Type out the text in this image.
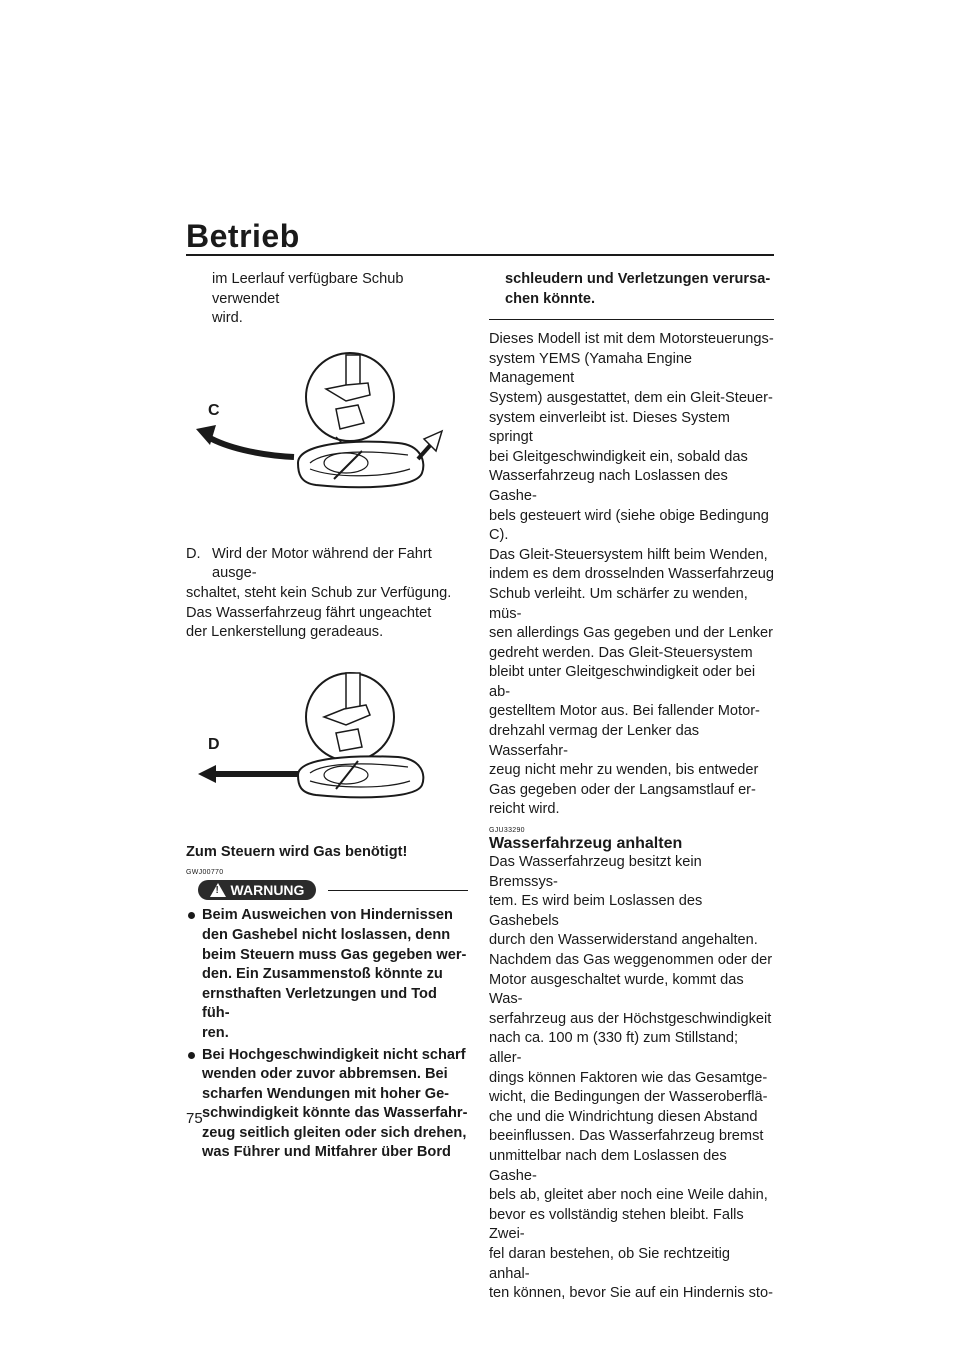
Betrieb

im Leerlauf verfügbare Schub verwendet

wird.

C

D. Wird der Motor während der Fahrt ausge-

schaltet, steht kein Schub zur Verfügung.

Das Wasserfahrzeug fährt ungeachtet

der Lenkerstellung geradeaus.

D

Zum Steuern wird Gas benötigt!

GWJ00770

! WARNUNG

Beim Ausweichen von Hindernissen

den Gashebel nicht loslassen, denn

beim Steuern muss Gas gegeben wer-

den. Ein Zusammenstoß könnte zu

ernsthaften Verletzungen und Tod füh-

ren.

Bei Hochgeschwindigkeit nicht scharf

wenden oder zuvor abbremsen. Bei

scharfen Wendungen mit hoher Ge-

schwindigkeit könnte das Wasserfahr-

zeug seitlich gleiten oder sich drehen,

was Führer und Mitfahrer über Bord

schleudern und Verletzungen verursa-

chen könnte.

Dieses Modell ist mit dem Motorsteuerungs-

system YEMS (Yamaha Engine Management

System) ausgestattet, dem ein Gleit-Steuer-

system einverleibt ist. Dieses System springt

bei Gleitgeschwindigkeit ein, sobald das

Wasserfahrzeug nach Loslassen des Gashe-

bels gesteuert wird (siehe obige Bedingung

C).

Das Gleit-Steuersystem hilft beim Wenden,

indem es dem drosselnden Wasserfahrzeug

Schub verleiht. Um schärfer zu wenden, müs-

sen allerdings Gas gegeben und der Lenker

gedreht werden. Das Gleit-Steuersystem

bleibt unter Gleitgeschwindigkeit oder bei ab-

gestelltem Motor aus. Bei fallender Motor-

drehzahl vermag der Lenker das Wasserfahr-

zeug nicht mehr zu wenden, bis entweder

Gas gegeben oder der Langsamstlauf er-

reicht wird.

GJU33290

Wasserfahrzeug anhalten

Das Wasserfahrzeug besitzt kein Bremssys-

tem. Es wird beim Loslassen des Gashebels

durch den Wasserwiderstand angehalten.

Nachdem das Gas weggenommen oder der

Motor ausgeschaltet wurde, kommt das Was-

serfahrzeug aus der Höchstgeschwindigkeit

nach ca. 100 m (330 ft) zum Stillstand; aller-

dings können Faktoren wie das Gesamtge-

wicht, die Bedingungen der Wasseroberflä-

che und die Windrichtung diesen Abstand

beeinflussen. Das Wasserfahrzeug bremst

unmittelbar nach dem Loslassen des Gashe-

bels ab, gleitet aber noch eine Weile dahin,

bevor es vollständig stehen bleibt. Falls Zwei-

fel daran bestehen, ob Sie rechtzeitig anhal-

ten können, bevor Sie auf ein Hindernis sto-

75
